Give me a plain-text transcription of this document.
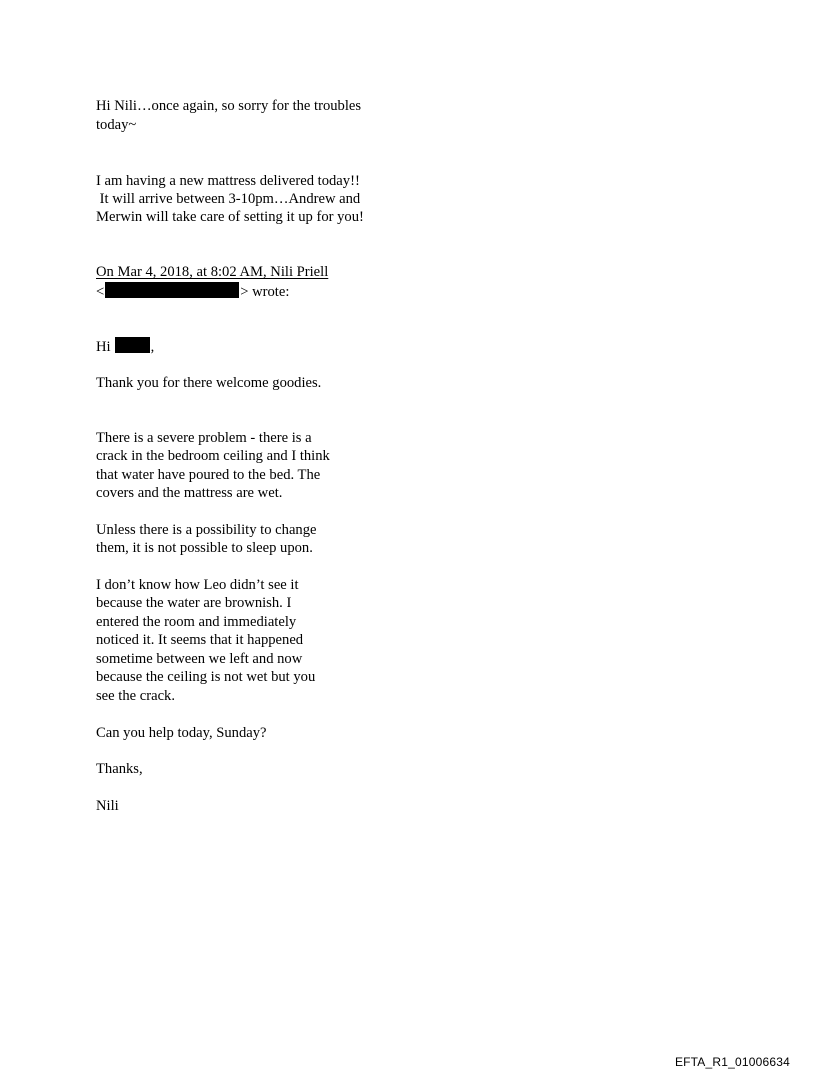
Hi Nili…once again, so sorry for the troubles
today~
I am having a new mattress delivered today!!
It will arrive between 3-10pm…Andrew and
Merwin will take care of setting it up for you!
On Mar 4, 2018, at 8:02 AM, Nili Priell
<	> wrote:
Hi	,
Thank you for there welcome goodies.
There is a severe problem - there is a
crack in the bedroom ceiling and I think
that water have poured to the bed. The
covers and the mattress are wet.
Unless there is a possibility to change
them, it is not possible to sleep upon.
I don’t know how Leo didn’t see it
because the water are brownish. I
entered the room and immediately
noticed it. It seems that it happened
sometime between we left and now
because the ceiling is not wet but you
see the crack.
Can you help today, Sunday?
Thanks,
Nili
EFTA_R1_01006634
